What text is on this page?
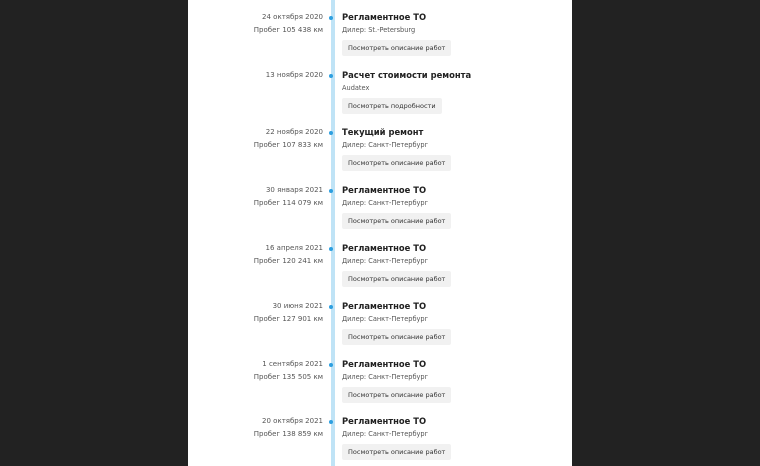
24 октября 2020
Пробег 105 438 км
Регламентное ТО
Дилер: St.-Petersburg
Посмотреть описание работ
13 ноября 2020 Расчет стоимости ремонта
Audatex
Посмотреть подробности
22 ноября 2020
Пробег 107 833 км
Текущий ремонт
Дилер: Санкт-Петербург
Посмотреть описание работ
30 января 2021
Пробег 114 079 км
Регламентное ТО
Дилер: Санкт-Петербург
Посмотреть описание работ
16 апреля 2021
Пробег 120 241 км
Регламентное ТО
Дилер: Санкт-Петербург
Посмотреть описание работ
30 июня 2021
Пробег 127 901 км
Регламентное ТО
Дилер: Санкт-Петербург
Посмотреть описание работ
1 сентября 2021
Пробег 135 505 км
Регламентное ТО
Дилер: Санкт-Петербург
Посмотреть описание работ
20 октября 2021
Пробег 138 859 км
Регламентное ТО
Дилер: Санкт-Петербург
Посмотреть описание работ
